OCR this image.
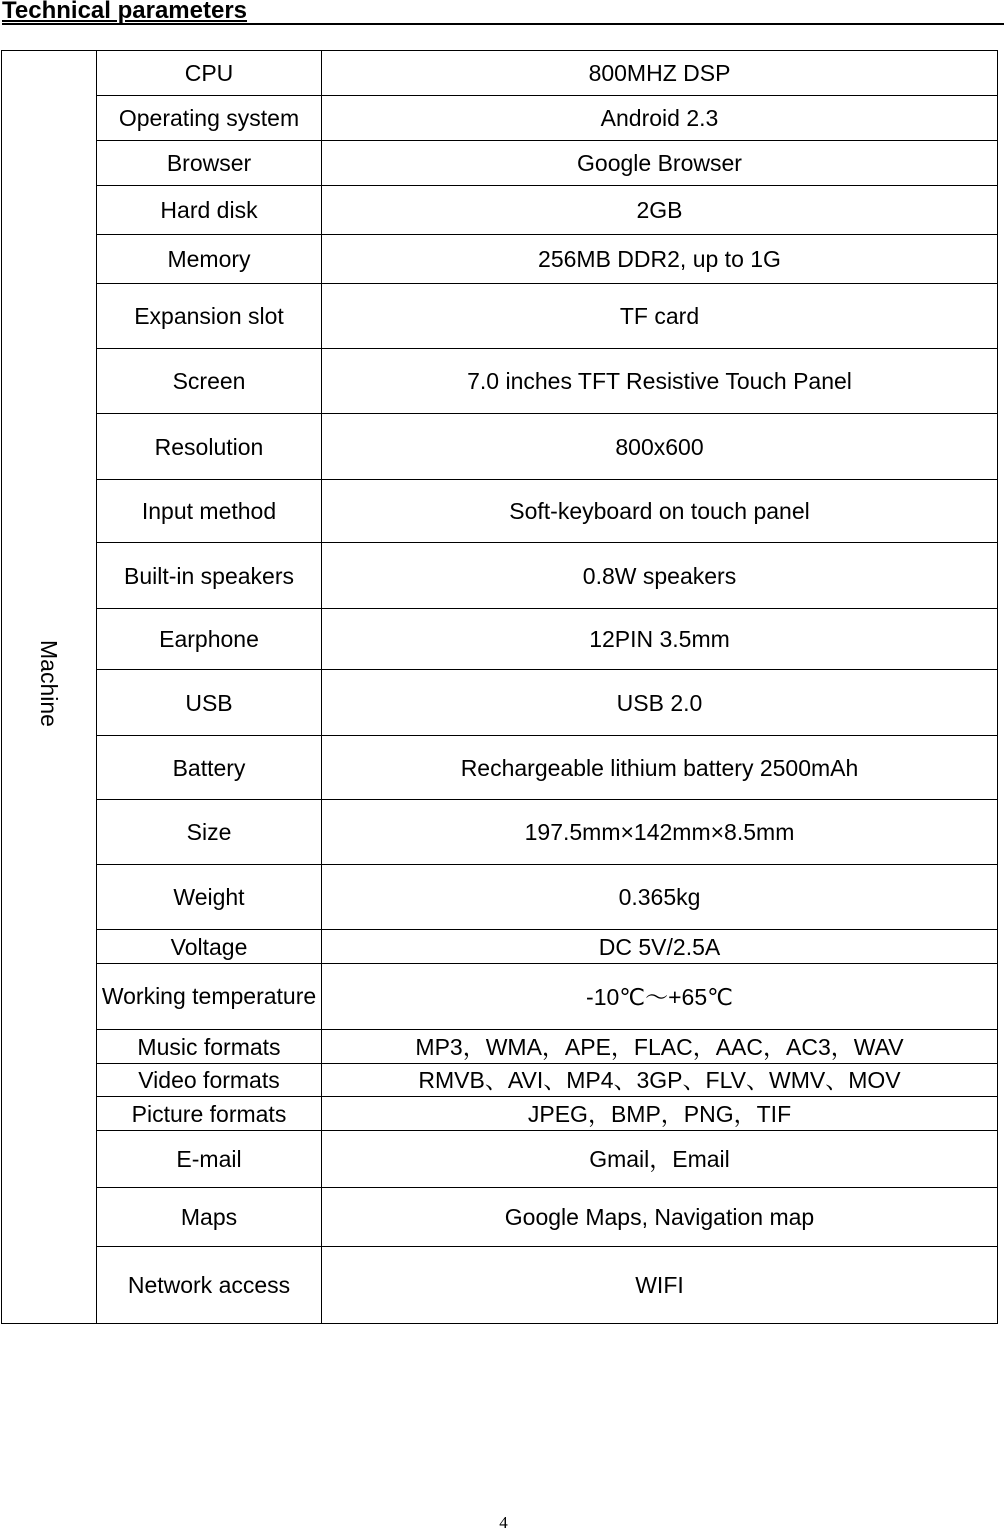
Technical parameters
Machine	CPU	800MHZ DSP
	Operating system	Android 2.3
	Browser	Google Browser
	Hard disk	2GB
	Memory	256MB DDR2, up to 1G
	Expansion slot	TF card
	Screen	7.0 inches TFT Resistive Touch Panel
	Resolution	800x600
	Input method	Soft-keyboard on touch panel
	Built-in speakers	0.8W speakers
	Earphone	12PIN 3.5mm
	USB	USB 2.0
	Battery	Rechargeable lithium battery 2500mAh
	Size	197.5mm×142mm×8.5mm
	Weight	0.365kg
	Voltage	DC 5V/2.5A
	Working temperature	-10℃～+65℃
	Music formats	MP3，WMA，APE，FLAC，AAC，AC3，WAV
	Video formats	RMVB、AVI、MP4、3GP、FLV、WMV、MOV
	Picture formats	JPEG，BMP，PNG，TIF
	E-mail	Gmail，Email
	Maps	Google Maps, Navigation map
	Network access	WIFI
4
